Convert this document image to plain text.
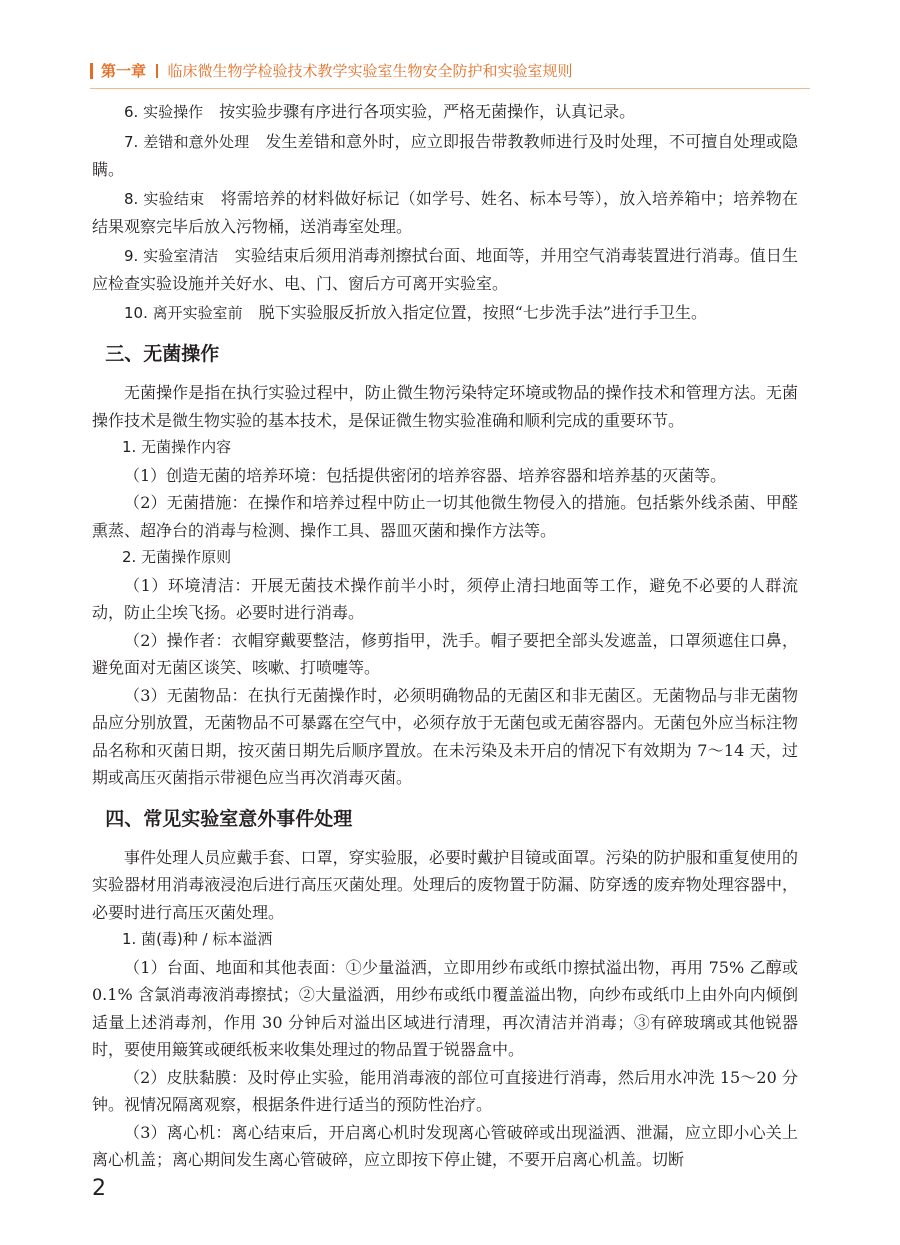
第一章 临床微生物学检验技术教学实验室生物安全防护和实验室规则

6. 实验操作　 按实验步骤有序进行各项实验，严格无菌操作，认真记录。

7. 差错和意外处理　 发生差错和意外时，应立即报告带教教师进行及时处理，不可擅自处理或隐瞒。

8. 实验结束　 将需培养的材料做好标记（如学号、姓名、标本号等），放入培养箱中；培养物在结果观察完毕后放入污物桶，送消毒室处理。

9. 实验室清洁　 实验结束后须用消毒剂擦拭台面、地面等，并用空气消毒装置进行消毒。值日生应检查实验设施并关好水、电、门、窗后方可离开实验室。

10. 离开实验室前　 脱下实验服反折放入指定位置，按照“七步洗手法”进行手卫生。

三、无菌操作

无菌操作是指在执行实验过程中，防止微生物污染特定环境或物品的操作技术和管理方法。无菌操作技术是微生物实验的基本技术，是保证微生物实验准确和顺利完成的重要环节。

1. 无菌操作内容

（1）创造无菌的培养环境：包括提供密闭的培养容器、培养容器和培养基的灭菌等。

（2）无菌措施：在操作和培养过程中防止一切其他微生物侵入的措施。包括紫外线杀菌、甲醛熏蒸、超净台的消毒与检测、操作工具、器皿灭菌和操作方法等。

2. 无菌操作原则

（1）环境清洁：开展无菌技术操作前半小时，须停止清扫地面等工作，避免不必要的人群流动，防止尘埃飞扬。必要时进行消毒。

（2）操作者：衣帽穿戴要整洁，修剪指甲，洗手。帽子要把全部头发遮盖，口罩须遮住口鼻，避免面对无菌区谈笑、咳嗽、打喷嚏等。

（3）无菌物品：在执行无菌操作时，必须明确物品的无菌区和非无菌区。无菌物品与非无菌物品应分别放置，无菌物品不可暴露在空气中，必须存放于无菌包或无菌容器内。无菌包外应当标注物品名称和灭菌日期，按灭菌日期先后顺序置放。在未污染及未开启的情况下有效期为 7～14 天，过期或高压灭菌指示带褪色应当再次消毒灭菌。

四、常见实验室意外事件处理

事件处理人员应戴手套、口罩，穿实验服，必要时戴护目镜或面罩。污染的防护服和重复使用的实验器材用消毒液浸泡后进行高压灭菌处理。处理后的废物置于防漏、防穿透的废弃物处理容器中，必要时进行高压灭菌处理。

1. 菌(毒)种 / 标本溢洒

（1）台面、地面和其他表面：①少量溢洒，立即用纱布或纸巾擦拭溢出物，再用 75% 乙醇或 0.1% 含氯消毒液消毒擦拭；②大量溢洒，用纱布或纸巾覆盖溢出物，向纱布或纸巾上由外向内倾倒适量上述消毒剂，作用 30 分钟后对溢出区域进行清理，再次清洁并消毒；③有碎玻璃或其他锐器时，要使用簸箕或硬纸板来收集处理过的物品置于锐器盒中。

（2）皮肤黏膜：及时停止实验，能用消毒液的部位可直接进行消毒，然后用水冲洗 15～20 分钟。视情况隔离观察，根据条件进行适当的预防性治疗。

（3）离心机：离心结束后，开启离心机时发现离心管破碎或出现溢洒、泄漏，应立即小心关上离心机盖；离心期间发生离心管破碎，应立即按下停止键，不要开启离心机盖。切断

2
